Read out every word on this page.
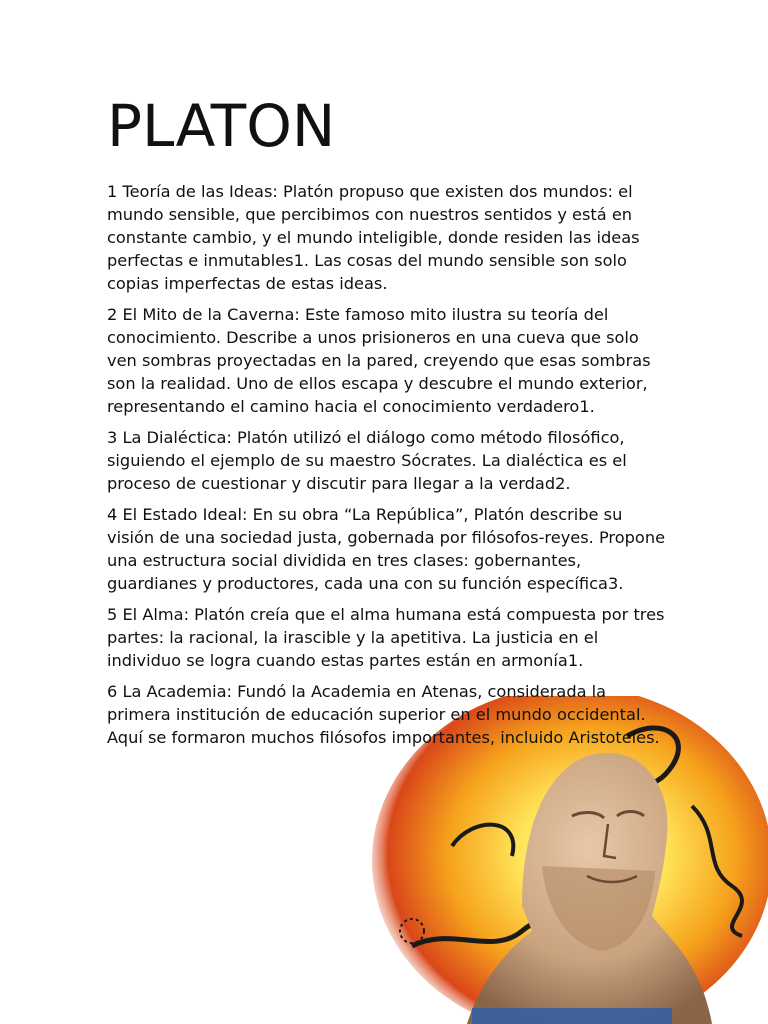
PLATON

1 Teoría de las Ideas: Platón propuso que existen dos mundos: el mundo sensible, que percibimos con nuestros sentidos y está en constante cambio, y el mundo inteligible, donde residen las ideas perfectas e inmutables1. Las cosas del mundo sensible son solo copias imperfectas de estas ideas.

2 El Mito de la Caverna: Este famoso mito ilustra su teoría del conocimiento. Describe a unos prisioneros en una cueva que solo ven sombras proyectadas en la pared, creyendo que esas sombras son la realidad. Uno de ellos escapa y descubre el mundo exterior, representando el camino hacia el conocimiento verdadero1.

3 La Dialéctica: Platón utilizó el diálogo como método filosófico, siguiendo el ejemplo de su maestro Sócrates. La dialéctica es el proceso de cuestionar y discutir para llegar a la verdad2.

4 El Estado Ideal: En su obra “La República”, Platón describe su visión de una sociedad justa, gobernada por filósofos-reyes. Propone una estructura social dividida en tres clases: gobernantes, guardianes y productores, cada una con su función específica3.

5 El Alma: Platón creía que el alma humana está compuesta por tres partes: la racional, la irascible y la apetitiva. La justicia en el individuo se logra cuando estas partes están en armonía1.

6 La Academia: Fundó la Academia en Atenas, considerada la primera institución de educación superior en el mundo occidental. Aquí se formaron muchos filósofos importantes, incluido Aristoteles.
